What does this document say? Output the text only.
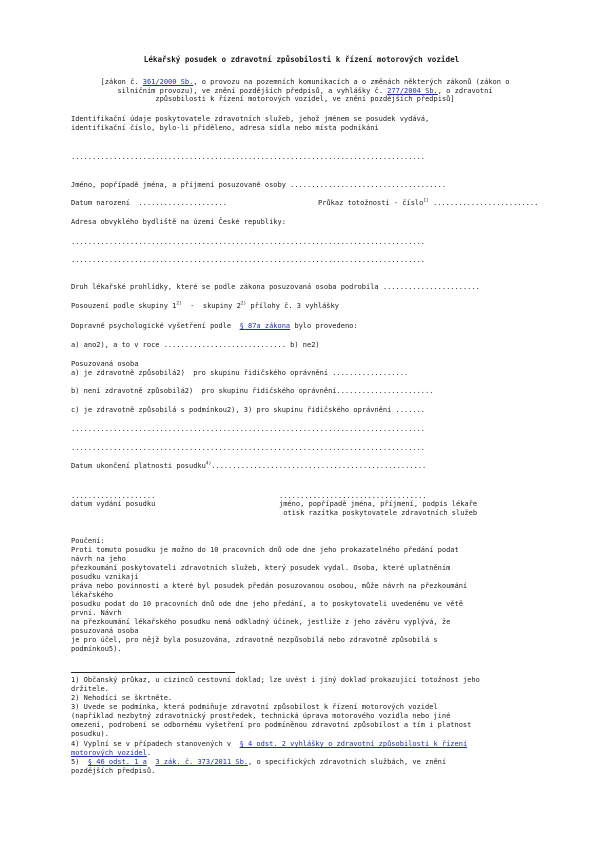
Lékařský posudek o zdravotní způsobilosti k řízení motorových vozidel
[zákon č. 361/2000 Sb., o provozu na pozemních komunikacích a o změnách některých zákonů (zákon o
silničním provozu), ve znění pozdějších předpisů, a vyhlášky č. 277/2004 Sb., o zdravotní
způsobilosti k řízení motorových vozidel, ve znění pozdějších předpisů]
Identifikační údaje poskytovatele zdravotních služeb, jehož jménem se posudek vydává,
identifikační číslo, bylo-li přiděleno, adresa sídla nebo místa podnikání
....................................................................................
Jméno, popřípadě jména, a příjmení posuzované osoby .....................................
Datum narození  .....................	Průkaz totožnosti - číslo$^{1)}$ .........................
Adresa obvyklého bydliště na území České republiky:
....................................................................................
....................................................................................
Druh lékařské prohlídky, které se podle zákona posuzovaná osoba podrobila .......................
Posouzení podle skupiny 1$^{2)}$  -  skupiny 2$^{2)}$ přílohy č. 3 vyhlášky
Dopravně psychologické vyšetření podle  § 87a zákona bylo provedeno:
a) ano2), a to v roce ............................. b) ne2)
Posuzovaná osoba
a) je zdravotně způsobilá2)  pro skupinu řidičského oprávnění ..................
b) není zdravotně způsobilá2)  pro skupinu řidičského oprávnění.......................
c) je zdravotně způsobilá s podmínkou2), 3) pro skupinu řidičského oprávnění .......
....................................................................................
....................................................................................
Datum ukončení platnosti posudku$^{4)}$...................................................
....................
datum vydání posudku
...................................
jméno, popřípadě jména, příjmení, podpis lékaře
otisk razítka poskytovatele zdravotních služeb
Poučení:
Proti tomuto posudku je možno do 10 pracovních dnů ode dne jeho prokazatelného předání podat
návrh na jeho
přezkoumání poskytovateli zdravotních služeb, který posudek vydal. Osoba, které uplatněním
posudku vznikají
práva nebo povinnosti a které byl posudek předán posuzovanou osobou, může návrh na přezkoumání
lékařského
posudku podat do 10 pracovních dnů ode dne jeho předání, a to poskytovateli uvedenému ve větě
první. Návrh
na přezkoumání lékařského posudku nemá odkladný účinek, jestliže z jeho závěru vyplývá, že
posuzovaná osoba
je pro účel, pro nějž byla posuzována, zdravotně nezpůsobilá nebo zdravotně způsobilá s
podmínkou5).
1) Občanský průkaz, u cizinců cestovní doklad; lze uvést i jiný doklad prokazující totožnost jeho
držitele.
2) Nehodící se škrtněte.
3) Uvede se podmínka, která podmiňuje zdravotní způsobilost k řízení motorových vozidel
(například nezbytný zdravotnický prostředek, technická úprava motorového vozidla nebo jiné
omezení, podrobení se odbornému vyšetření pro podmíněnou zdravotní způsobilost a tím i platnost
posudku).
4) Vyplní se v případech stanovených v  § 4 odst. 2 vyhlášky o zdravotní způsobilosti k řízení
motorových vozidel.
5)  § 46 odst. 1 a 3 zák. č. 373/2011 Sb., o specifických zdravotních službách, ve znění
pozdějších předpisů.
